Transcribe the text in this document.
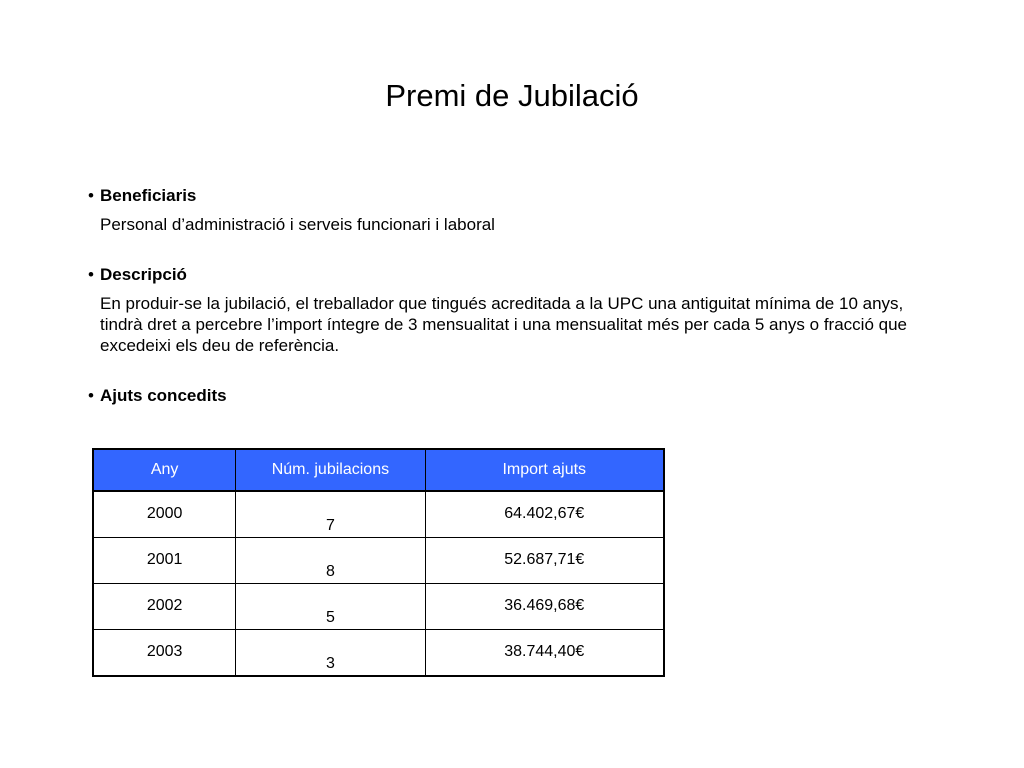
Premi de Jubilació
• Beneficiaris

Personal d’administració i serveis funcionari i laboral

• Descripció

En produir-se la jubilació, el treballador que tingués acreditada a la UPC una antiguitat mínima de 10 anys, tindrà dret a percebre l’import íntegre de 3 mensualitat i una mensualitat més per cada 5 anys o fracció que excedeixi els deu de referència.

• Ajuts concedits

Any	Núm. jubilacions	Import ajuts
2000	7	64.402,67€
2001	8	52.687,71€
2002	5	36.469,68€
2003	3	38.744,40€
